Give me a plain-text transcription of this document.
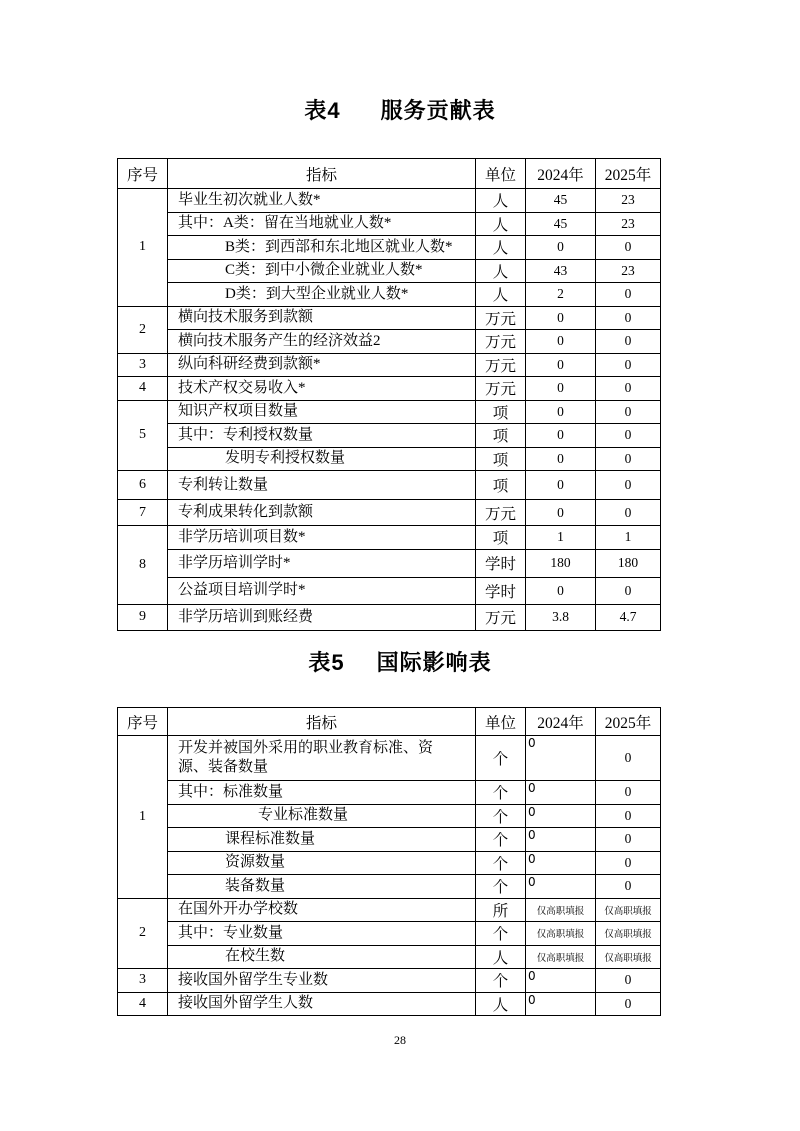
表4 服务贡献表
序号	指标	单位	2024年	2025年
1	毕业生初次就业人数*	人	45	23
	其中：A类：留在当地就业人数*	人	45	23
	B类：到西部和东北地区就业人数*	人	0	0
	C类：到中小微企业就业人数*	人	43	23
	D类：到大型企业就业人数*	人	2	0
2	横向技术服务到款额	万元	0	0
	横向技术服务产生的经济效益2	万元	0	0
3	纵向科研经费到款额*	万元	0	0
4	技术产权交易收入*	万元	0	0
5	知识产权项目数量	项	0	0
	其中：专利授权数量	项	0	0
	发明专利授权数量	项	0	0
6	专利转让数量	项	0	0
7	专利成果转化到款额	万元	0	0
8	非学历培训项目数*	项	1	1
	非学历培训学时*	学时	180	180
	公益项目培训学时*	学时	0	0
9	非学历培训到账经费	万元	3.8	4.7
表5 国际影响表
序号	指标	单位	2024年	2025年
1	开发并被国外采用的职业教育标准、资源、装备数量	个	0	0
	其中：标准数量	个	0	0
	专业标准数量	个	0	0
	课程标准数量	个	0	0
	资源数量	个	0	0
	装备数量	个	0	0
2	在国外开办学校数	所	仅高职填报	仅高职填报
	其中：专业数量	个	仅高职填报	仅高职填报
	在校生数	人	仅高职填报	仅高职填报
3	接收国外留学生专业数	个	0	0
4	接收国外留学生人数	人	0	0
28
